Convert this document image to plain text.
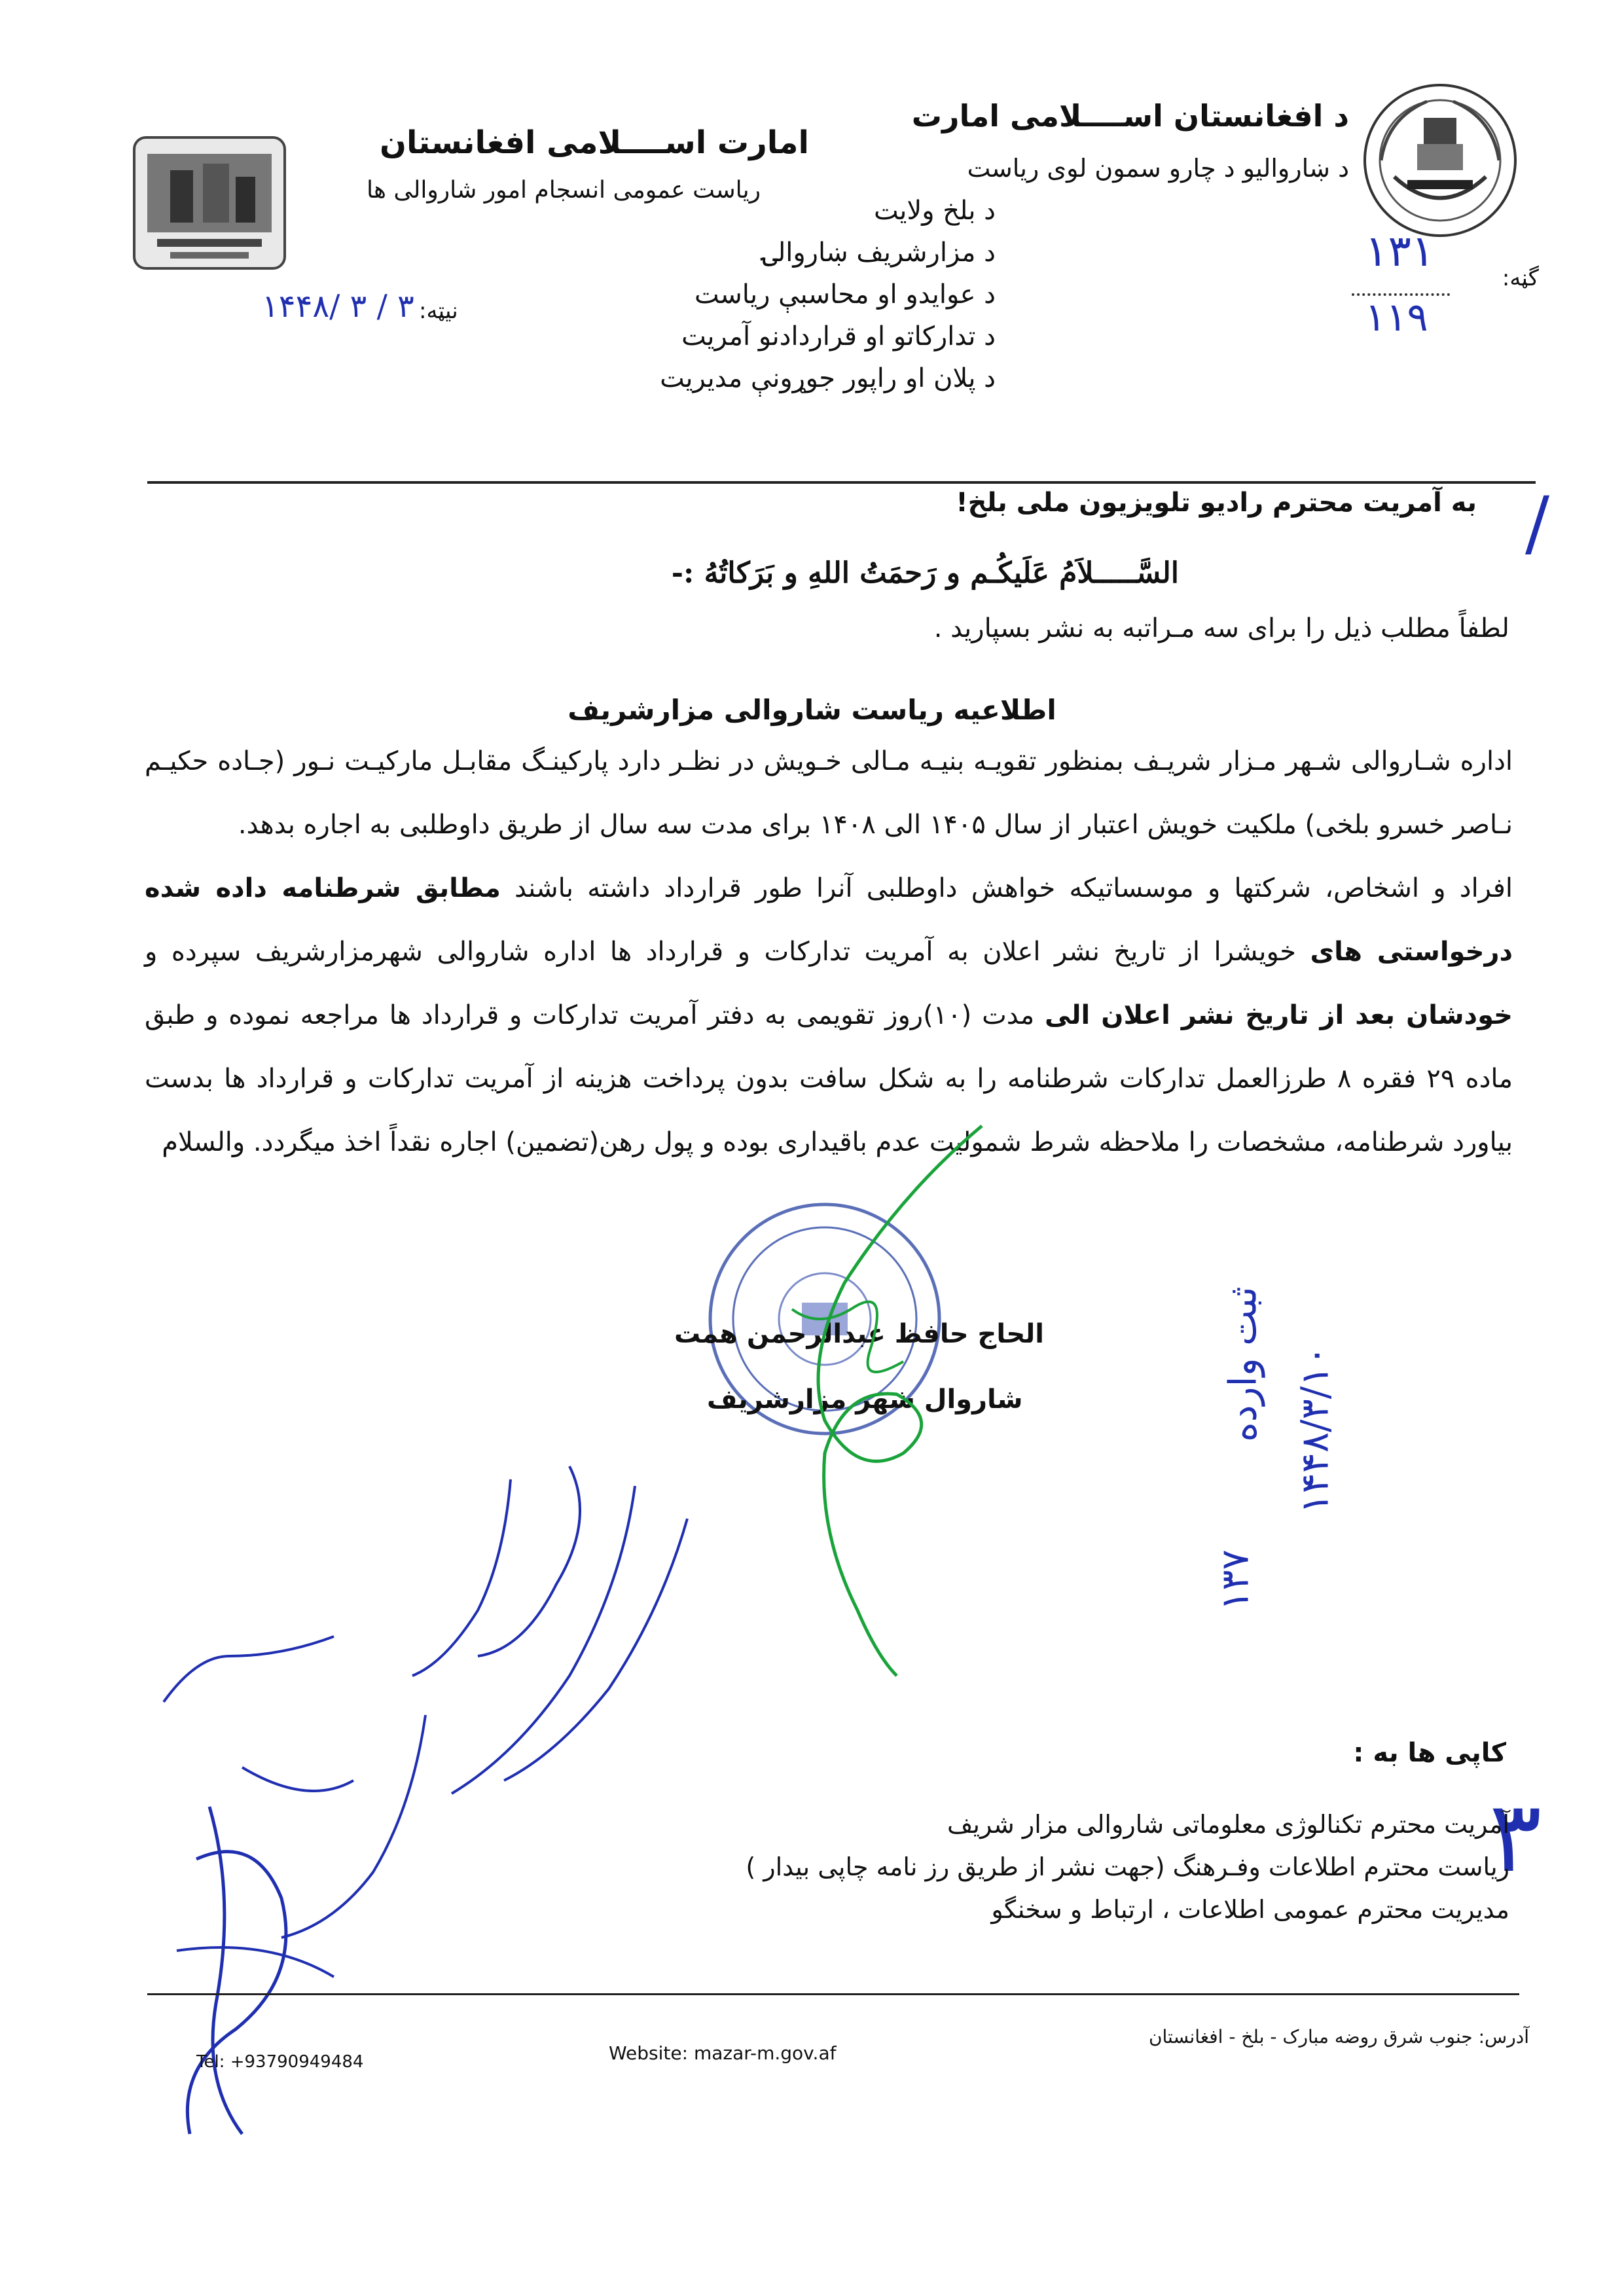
د افغانستان اســــلامی امارت
د ښاروالیو د چارو سمون لوی ریاست
امارت اســــلامی افغانستان
ریاست عمومی انسجام امور شاروالی ها
د بلخ ولایت
د مزارشریف ښاروالۍ
د عوایدو او محاسبې ریاست
د تدارکاتو او قراردادنو آمریت
د پلان او راپور جوړونې مدیریت
گڼه:
۱۳۱
۱۱۹
نیټه:
۱۴۴۸/ ۳ / ۳
/
به آمریت محترم رادیو تلویزیون ملی بلخ!
السَّـــــلاَمُ عَلَیکُـم و رَحمَتُ اللهِ و بَرَکاتُهُ :-
لطفاً مطلب ذیل را برای سه مـراتبه به نشر بسپارید .
اطلاعیه ریاست شاروالی مزارشریف
اداره شـاروالی شـهر مـزار شریـف بمنظور تقویـه بنیـه مـالی خـویش در نظـر دارد پارکینـگ مقابـل مارکیـت نـور (جـاده حکیـم نـاصر خسرو بلخی) ملکیت خویش اعتبار از سال ۱۴۰۵ الی ۱۴۰۸ برای مدت سه سال از طریق داوطلبی به اجاره بدهد.
افراد و اشخاص، شرکتها و موسساتیکه خواهش داوطلبی آنرا طور قرارداد داشته باشند مطابق شرطنامه داده شده درخواستی های خویشرا از تاریخ نشر اعلان به آمریت تدارکات و قرارداد ها اداره شاروالی شهرمزارشریف سپرده و خودشان بعد از تاریخ نشر اعلان الی مدت (۱۰)روز تقویمی به دفتر آمریت تدارکات و قرارداد ها مراجعه نموده و طبق ماده ۲۹ فقره ۸ طرزالعمل تدارکات شرطنامه را به شکل سافت بدون پرداخت هزینه از آمریت تدارکات و قرارداد ها بدست بیاورد شرطنامه، مشخصات را ملاحظه شرط شمولیت عدم باقیداری بوده و پول رهن(تضمین) اجاره نقداً اخذ میگردد. والسلام
الحاج حافظ عبدالرحمن همت
شاروال شهر مزارشریف	ثبت وارده ۱۴۴۸/۳/۱۰
۱۳۷
کاپی ها به :
۳
آمریت محترم تکنالوژی معلوماتی شاروالی مزار شریف
ریاست محترم اطلاعات وفـرهنگ (جهت نشر از طریق رز نامه چاپی بیدار )
مدیریت محترم عمومی اطلاعات ، ارتباط و سخنگو
آدرس: جنوب شرق روضه مبارک - بلخ - افغانستان
Website: mazar-m.gov.af
Tel: +93790949484
